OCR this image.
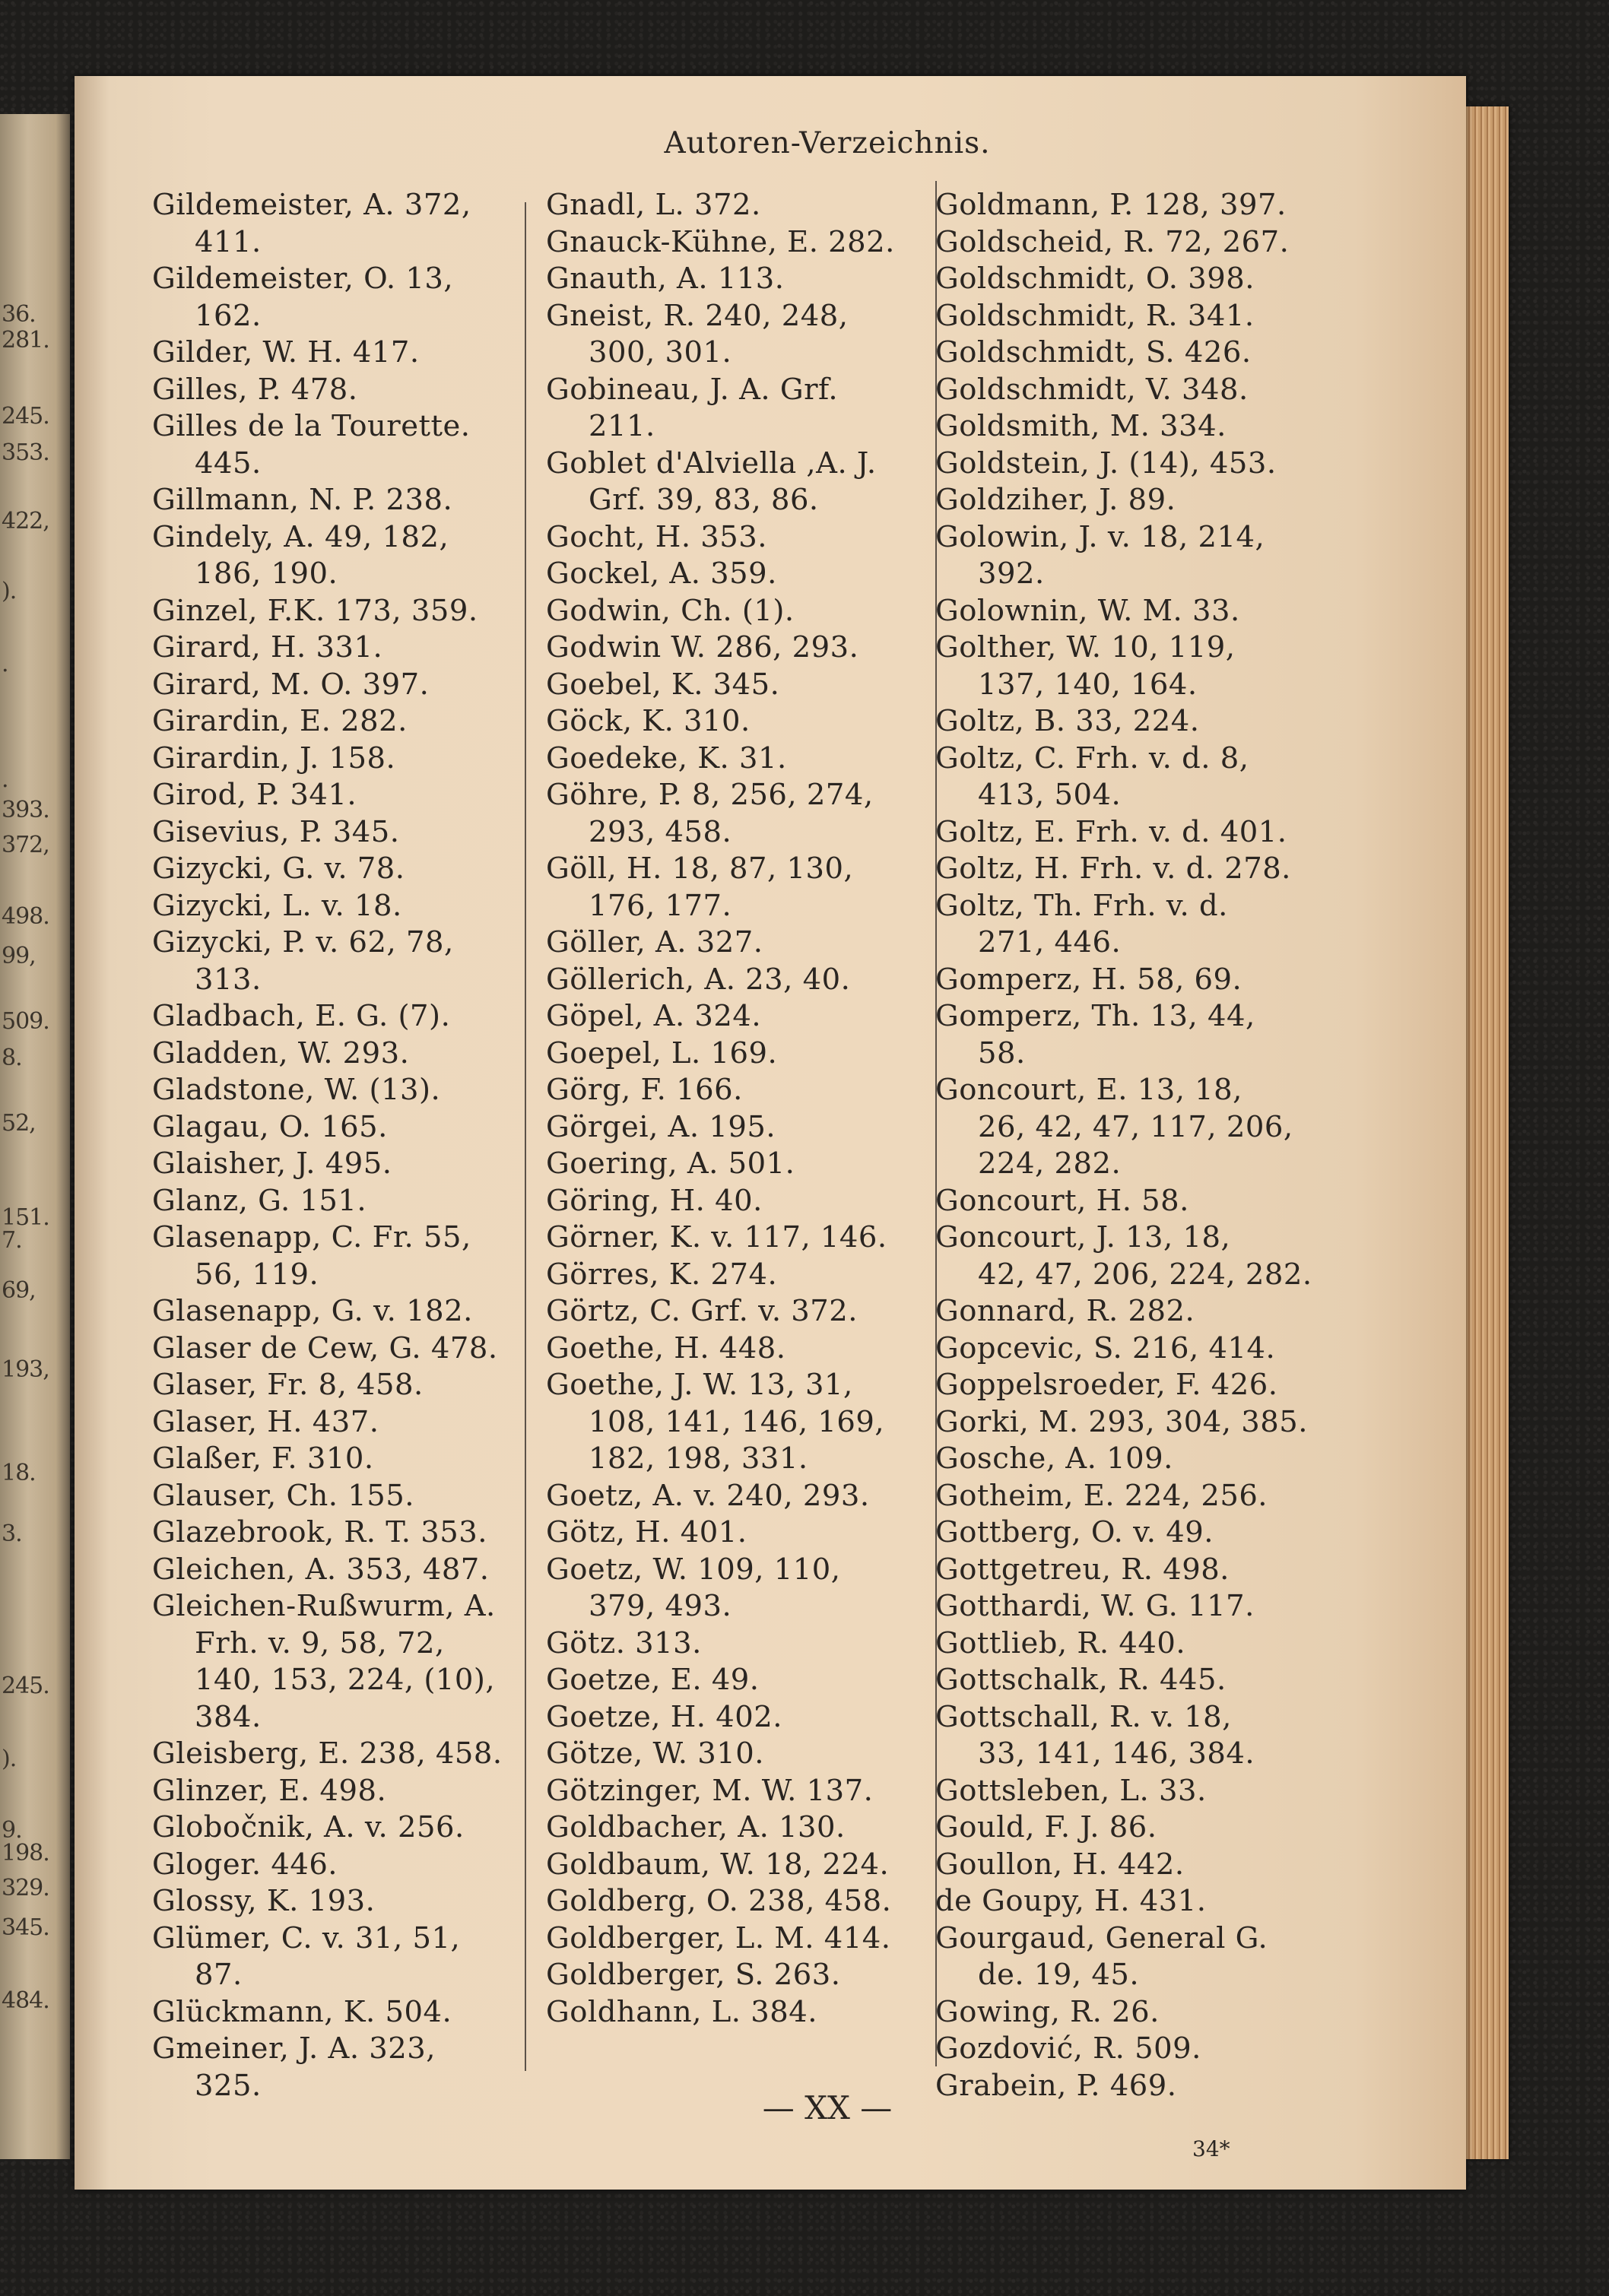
36.
281.
245.
353.
422,
).
.
.
393.
372,
498.
99,
509.
8.
52,
151.
7.
69,
193,
18.
3.
245.
).
9.
198.
329.
345.
484.
Autoren-Verzeichnis.
Gildemeister, A. 372,
411.
Gildemeister, O. 13,
162.
Gilder, W. H. 417.
Gilles, P. 478.
Gilles de la Tourette.
445.
Gillmann, N. P. 238.
Gindely, A. 49, 182,
186, 190.
Ginzel, F.K. 173, 359.
Girard, H. 331.
Girard, M. O. 397.
Girardin, E. 282.
Girardin, J. 158.
Girod, P. 341.
Gisevius, P. 345.
Gizycki, G. v. 78.
Gizycki, L. v. 18.
Gizycki, P. v. 62, 78,
313.
Gladbach, E. G. (7).
Gladden, W. 293.
Gladstone, W. (13).
Glagau, O. 165.
Glaisher, J. 495.
Glanz, G. 151.
Glasenapp, C. Fr. 55,
56, 119.
Glasenapp, G. v. 182.
Glaser de Cew, G. 478.
Glaser, Fr. 8, 458.
Glaser, H. 437.
Glaßer, F. 310.
Glauser, Ch. 155.
Glazebrook, R. T. 353.
Gleichen, A. 353, 487.
Gleichen-Rußwurm, A.
Frh. v. 9, 58, 72,
140, 153, 224, (10),
384.
Gleisberg, E. 238, 458.
Glinzer, E. 498.
Globočnik, A. v. 256.
Gloger. 446.
Glossy, K. 193.
Glümer, C. v. 31, 51,
87.
Glückmann, K. 504.
Gmeiner, J. A. 323,
325.
Gnadl, L. 372.
Gnauck-Kühne, E. 282.
Gnauth, A. 113.
Gneist, R. 240, 248,
300, 301.
Gobineau, J. A. Grf.
211.
Goblet d'Alviella ,A. J.
Grf. 39, 83, 86.
Gocht, H. 353.
Gockel, A. 359.
Godwin, Ch. (1).
Godwin W. 286, 293.
Goebel, K. 345.
Göck, K. 310.
Goedeke, K. 31.
Göhre, P. 8, 256, 274,
293, 458.
Göll, H. 18, 87, 130,
176, 177.
Göller, A. 327.
Göllerich, A. 23, 40.
Göpel, A. 324.
Goepel, L. 169.
Görg, F. 166.
Görgei, A. 195.
Goering, A. 501.
Göring, H. 40.
Görner, K. v. 117, 146.
Görres, K. 274.
Görtz, C. Grf. v. 372.
Goethe, H. 448.
Goethe, J. W. 13, 31,
108, 141, 146, 169,
182, 198, 331.
Goetz, A. v. 240, 293.
Götz, H. 401.
Goetz, W. 109, 110,
379, 493.
Götz. 313.
Goetze, E. 49.
Goetze, H. 402.
Götze, W. 310.
Götzinger, M. W. 137.
Goldbacher, A. 130.
Goldbaum, W. 18, 224.
Goldberg, O. 238, 458.
Goldberger, L. M. 414.
Goldberger, S. 263.
Goldhann, L. 384.
Goldmann, P. 128, 397.
Goldscheid, R. 72, 267.
Goldschmidt, O. 398.
Goldschmidt, R. 341.
Goldschmidt, S. 426.
Goldschmidt, V. 348.
Goldsmith, M. 334.
Goldstein, J. (14), 453.
Goldziher, J. 89.
Golowin, J. v. 18, 214,
392.
Golownin, W. M. 33.
Golther, W. 10, 119,
137, 140, 164.
Goltz, B. 33, 224.
Goltz, C. Frh. v. d. 8,
413, 504.
Goltz, E. Frh. v. d. 401.
Goltz, H. Frh. v. d. 278.
Goltz, Th. Frh. v. d.
271, 446.
Gomperz, H. 58, 69.
Gomperz, Th. 13, 44,
58.
Goncourt, E. 13, 18,
26, 42, 47, 117, 206,
224, 282.
Goncourt, H. 58.
Goncourt, J. 13, 18,
42, 47, 206, 224, 282.
Gonnard, R. 282.
Gopcevic, S. 216, 414.
Goppelsroeder, F. 426.
Gorki, M. 293, 304, 385.
Gosche, A. 109.
Gotheim, E. 224, 256.
Gottberg, O. v. 49.
Gottgetreu, R. 498.
Gotthardi, W. G. 117.
Gottlieb, R. 440.
Gottschalk, R. 445.
Gottschall, R. v. 18,
33, 141, 146, 384.
Gottsleben, L. 33.
Gould, F. J. 86.
Goullon, H. 442.
de Goupy, H. 431.
Gourgaud, General G.
de. 19, 45.
Gowing, R. 26.
Gozdović, R. 509.
Grabein, P. 469.
— XX —
34*
